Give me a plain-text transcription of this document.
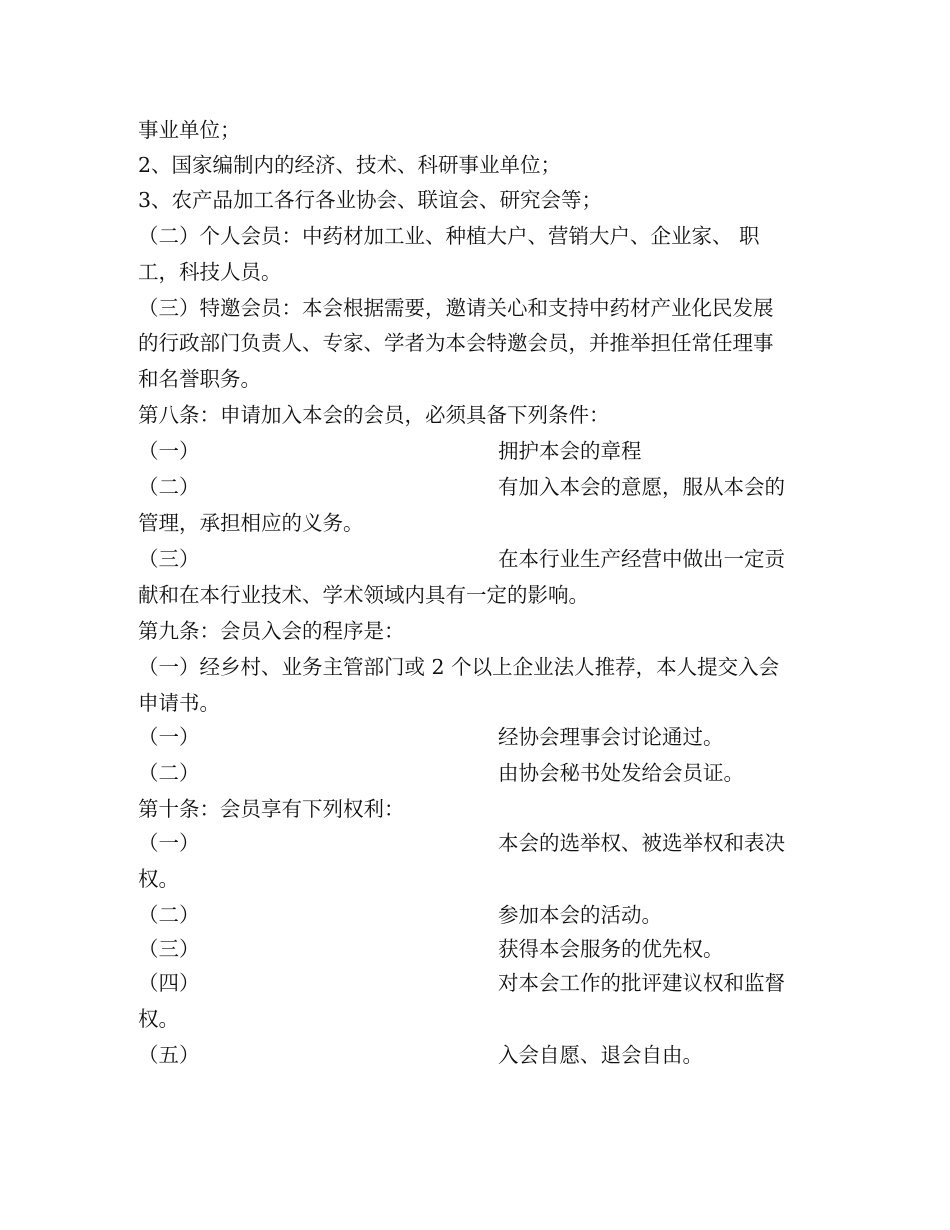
事业单位；
2、国家编制内的经济、技术、科研事业单位；
3、农产品加工各行各业协会、联谊会、研究会等；
（二）个人会员：中药材加工业、种植大户、营销大户、企业家、 职
工，科技人员。
（三）特邀会员：本会根据需要，邀请关心和支持中药材产业化民发展
的行政部门负责人、专家、学者为本会特邀会员，并推举担任常任理事
和名誉职务。
第八条：申请加入本会的会员，必须具备下列条件：
（一）	拥护本会的章程
（二）	有加入本会的意愿，服从本会的
管理，承担相应的义务。
（三）	在本行业生产经营中做出一定贡
献和在本行业技术、学术领域内具有一定的影响。
第九条：会员入会的程序是：
（一）经乡村、业务主管部门或 2 个以上企业法人推荐，本人提交入会
申请书。
（一）	经协会理事会讨论通过。
（二）	由协会秘书处发给会员证。
第十条：会员享有下列权利：
（一）	本会的选举权、被选举权和表决
权。
（二）	参加本会的活动。
（三）	获得本会服务的优先权。
（四）	对本会工作的批评建议权和监督
权。
（五）	入会自愿、退会自由。
